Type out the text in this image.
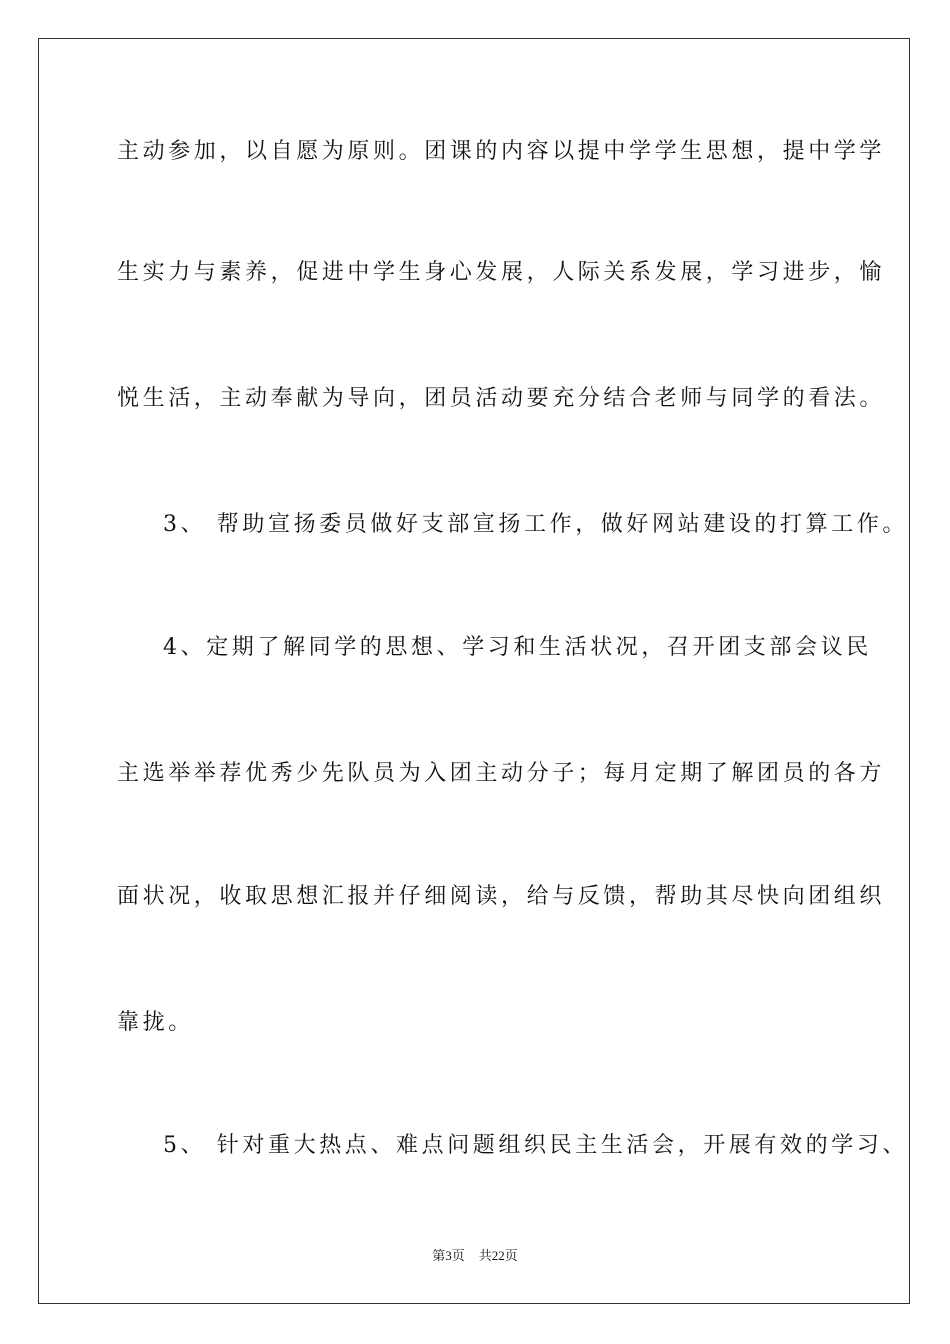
主动参加，以自愿为原则。团课的内容以提中学学生思想，提中学学
生实力与素养，促进中学生身心发展，人际关系发展，学习进步，愉
悦生活，主动奉献为导向，团员活动要充分结合老师与同学的看法。
3、 帮助宣扬委员做好支部宣扬工作，做好网站建设的打算工作。
4、定期了解同学的思想、学习和生活状况，召开团支部会议民
主选举举荐优秀少先队员为入团主动分子；每月定期了解团员的各方
面状况，收取思想汇报并仔细阅读，给与反馈，帮助其尽快向团组织
靠拢。
5、 针对重大热点、难点问题组织民主生活会，开展有效的学习、
第3页 共22页
